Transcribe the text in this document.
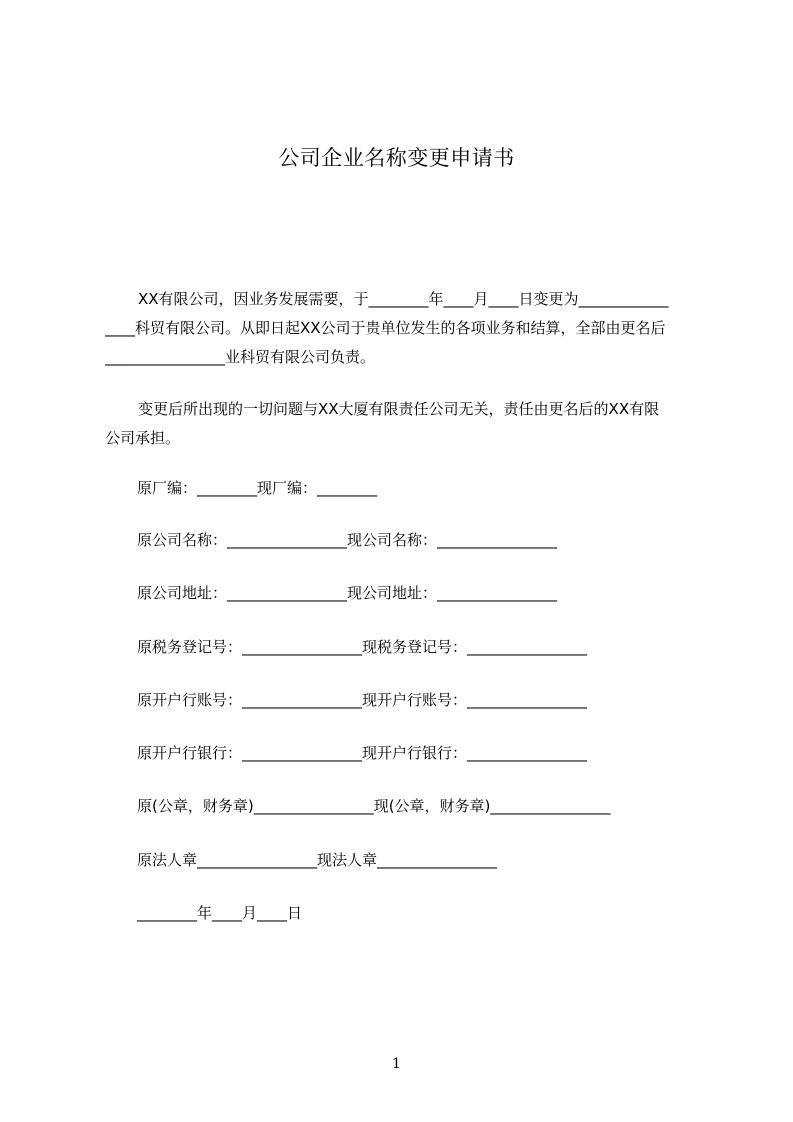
公司企业名称变更申请书
XX有限公司，因业务发展需要，于________年____月____日变更为____________
____科贸有限公司。从即日起XX公司于贵单位发生的各项业务和结算，全部由更名后
________________业科贸有限公司负责。
变更后所出现的一切问题与XX大厦有限责任公司无关，责任由更名后的XX有限
公司承担。
原厂编：________现厂编：________
原公司名称：________________现公司名称：________________
原公司地址：________________现公司地址：________________
原税务登记号：________________现税务登记号：________________
原开户行账号：________________现开户行账号：________________
原开户行银行：________________现开户行银行：________________
原(公章，财务章)________________现(公章，财务章)________________
原法人章________________现法人章________________
________年____月____日
1
